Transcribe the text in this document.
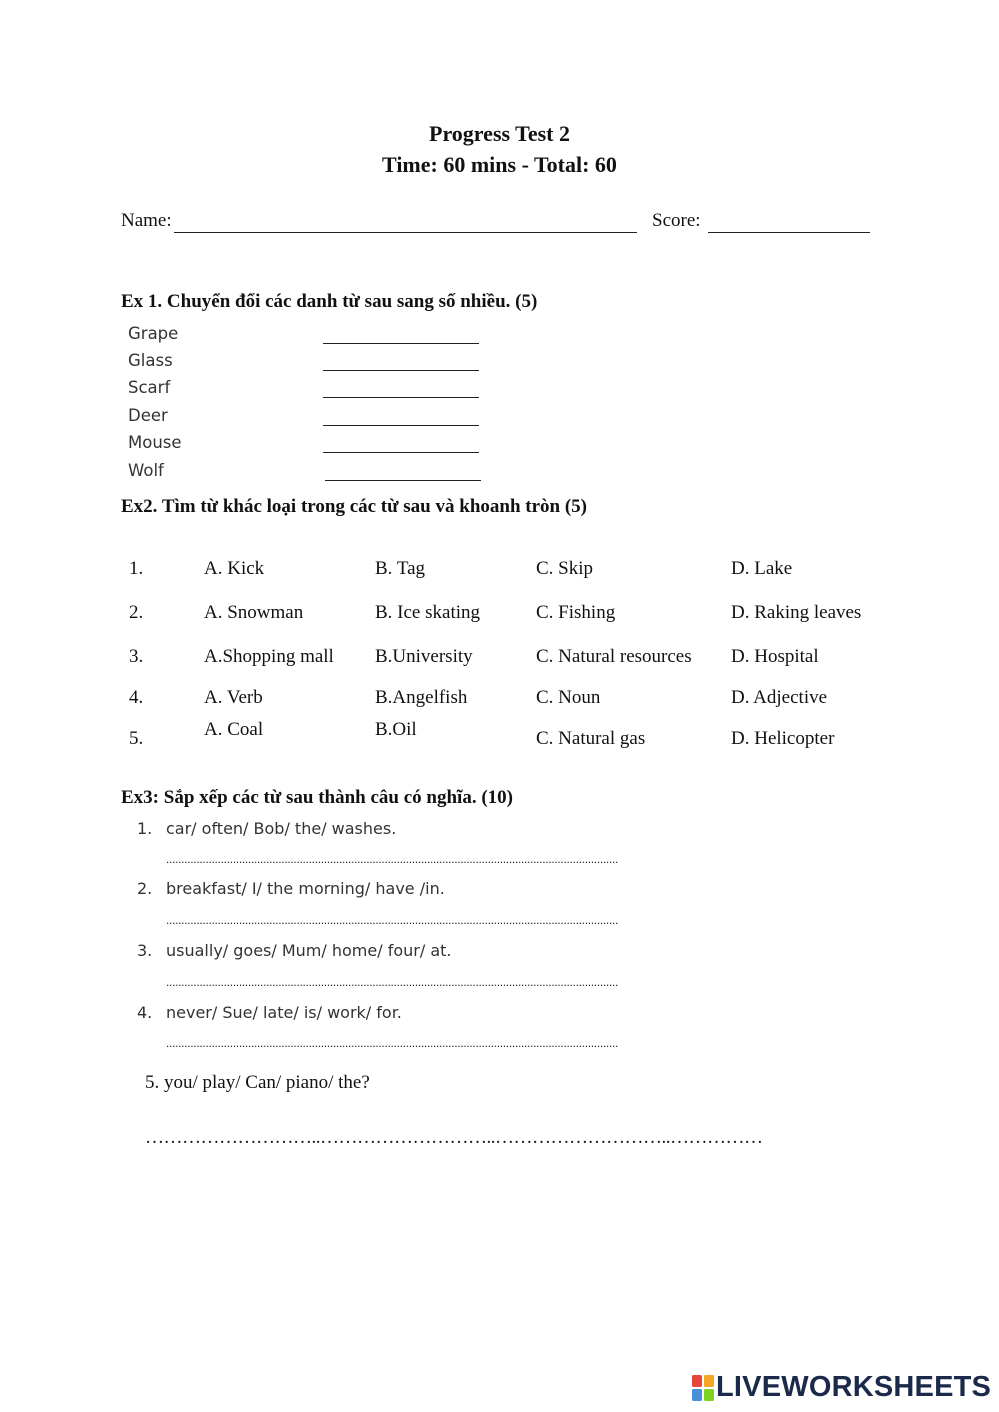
Progress Test 2
Time: 60 mins - Total: 60
Name:	Score:
Ex 1. Chuyển đổi các danh từ sau sang số nhiều. (5)
Grape
Glass
Scarf
Deer
Mouse
Wolf
Ex2. Tìm từ khác loại trong các từ sau và khoanh tròn (5)
1.	A. Kick	B. Tag	C. Skip	D. Lake
2.	A. Snowman	B. Ice skating	C. Fishing	D. Raking leaves
3.	A.Shopping mall B.University	C. Natural resources D. Hospital
4.	A. Verb	B.Angelfish	C. Noun	D. Adjective
5.	A. Coal	B.Oil	C. Natural gas	D. Helicopter
Ex3: Sắp xếp các từ sau thành câu có nghĩa. (10)
1. car/ often/ Bob/ the/ washes.
.....................................................................................................................................................
2. breakfast/ I/ the morning/ have /in.
.....................................................................................................................................................
3. usually/ goes/ Mum/ home/ four/ at.
.....................................................................................................................................................
4. never/ Sue/ late/ is/ work/ for.
.....................................................................................................................................................
5. you/ play/ Can/ piano/ the?
………………………..………………………..………………………..……………
LIVEWORKSHEETS
